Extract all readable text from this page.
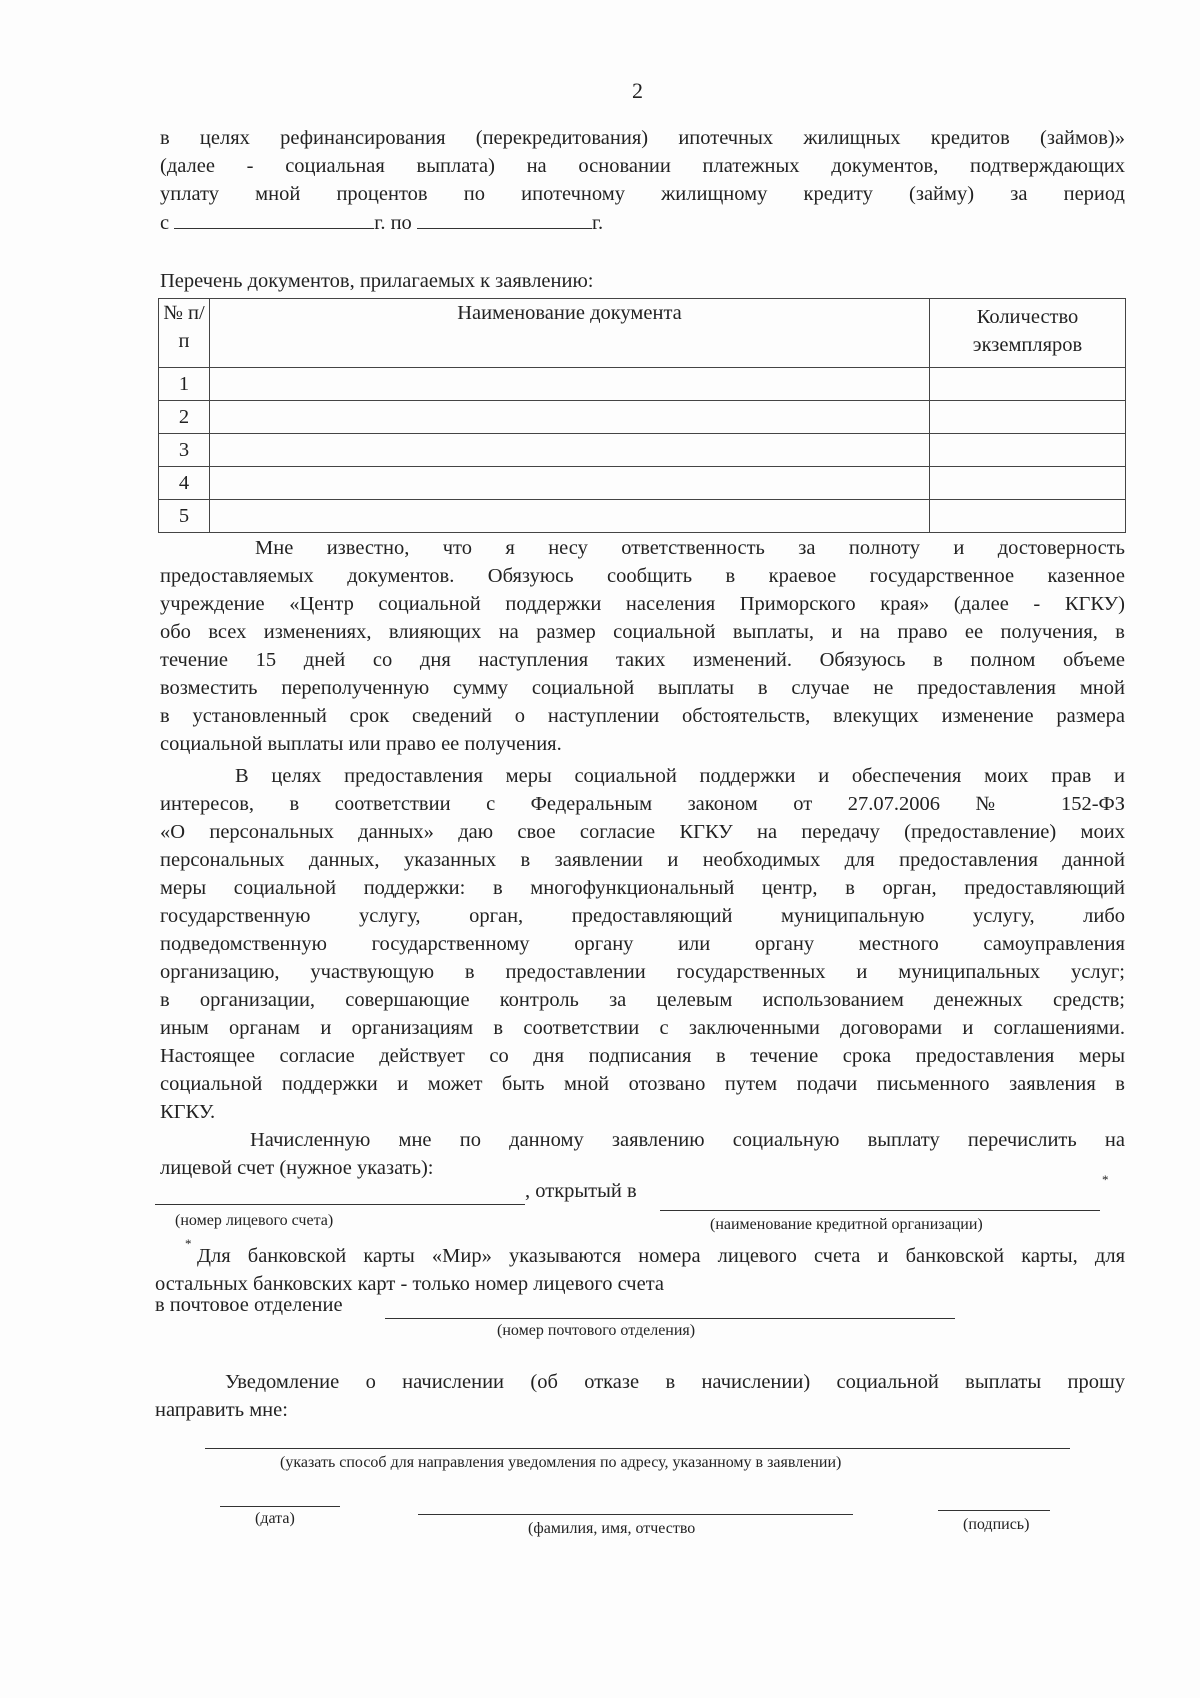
2
в целях рефинансирования (перекредитования) ипотечных жилищных кредитов (займов)»
(далее - социальная выплата) на основании платежных документов, подтверждающих
уплату мной процентов по ипотечному жилищному кредиту (займу) за период
с	г. по	г.
Перечень документов, прилагаемых к заявлению:
№ п/п	Наименование документа	Количество экземпляров
1		
2		
3		
4		
5		
Мне известно, что я несу ответственность за полноту и достоверность
предоставляемых документов. Обязуюсь сообщить в краевое государственное казенное
учреждение «Центр социальной поддержки населения Приморского края» (далее - КГКУ)
обо всех изменениях, влияющих на размер социальной выплаты, и на право ее получения, в
течение 15 дней со дня наступления таких изменений. Обязуюсь в полном объеме
возместить переполученную сумму социальной выплаты в случае не предоставления мной
в установленный срок сведений о наступлении обстоятельств, влекущих изменение размера
социальной выплаты или право ее получения.
В целях предоставления меры социальной поддержки и обеспечения моих прав и
интересов, в соответствии с Федеральным законом от 27.07.2006 № 152-ФЗ
«О персональных данных» даю свое согласие КГКУ на передачу (предоставление) моих
персональных данных, указанных в заявлении и необходимых для предоставления данной
меры социальной поддержки: в многофункциональный центр, в орган, предоставляющий
государственную услугу, орган, предоставляющий муниципальную услугу, либо
подведомственную государственному органу или органу местного самоуправления
организацию, участвующую в предоставлении государственных и муниципальных услуг;
в организации, совершающие контроль за целевым использованием денежных средств;
иным органам и организациям в соответствии с заключенными договорами и соглашениями.
Настоящее согласие действует со дня подписания в течение срока предоставления меры
социальной поддержки и может быть мной отозвано путем подачи письменного заявления в
КГКУ.
Начисленную мне по данному заявлению социальную выплату перечислить на
лицевой счет (нужное указать):
, открытый в
*
(номер лицевого счета)	(наименование кредитной организации)
*
Для банковской карты «Мир» указываются номера лицевого счета и банковской карты, для
остальных банковских карт - только номер лицевого счета
в почтовое отделение
(номер почтового отделения)
Уведомление о начислении (об отказе в начислении) социальной выплаты прошу
направить мне:
(указать способ для направления уведомления по адресу, указанному в заявлении)
(дата)
(фамилия, имя, отчество	(подпись)
